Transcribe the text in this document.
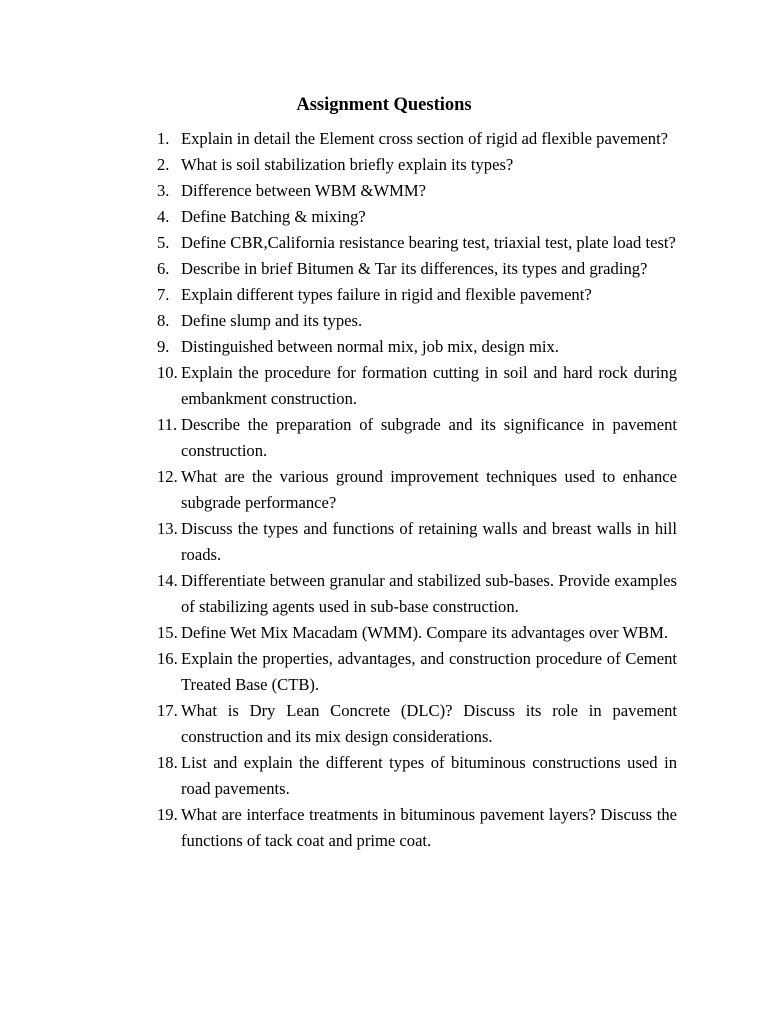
Assignment Questions
1. Explain in detail the Element cross section of rigid ad flexible pavement?
2. What is soil stabilization briefly explain its types?
3. Difference between WBM &WMM?
4. Define Batching & mixing?
5. Define CBR,California resistance bearing test, triaxial test, plate load test?
6. Describe in brief Bitumen & Tar its differences, its types and grading?
7. Explain different types failure in rigid and flexible pavement?
8. Define slump and its types.
9. Distinguished between normal mix, job mix, design mix.
10. Explain the procedure for formation cutting in soil and hard rock during embankment construction.
11. Describe the preparation of subgrade and its significance in pavement construction.
12. What are the various ground improvement techniques used to enhance subgrade performance?
13. Discuss the types and functions of retaining walls and breast walls in hill roads.
14. Differentiate between granular and stabilized sub-bases. Provide examples of stabilizing agents used in sub-base construction.
15. Define Wet Mix Macadam (WMM). Compare its advantages over WBM.
16. Explain the properties, advantages, and construction procedure of Cement Treated Base (CTB).
17. What is Dry Lean Concrete (DLC)? Discuss its role in pavement construction and its mix design considerations.
18. List and explain the different types of bituminous constructions used in road pavements.
19. What are interface treatments in bituminous pavement layers? Discuss the functions of tack coat and prime coat.
